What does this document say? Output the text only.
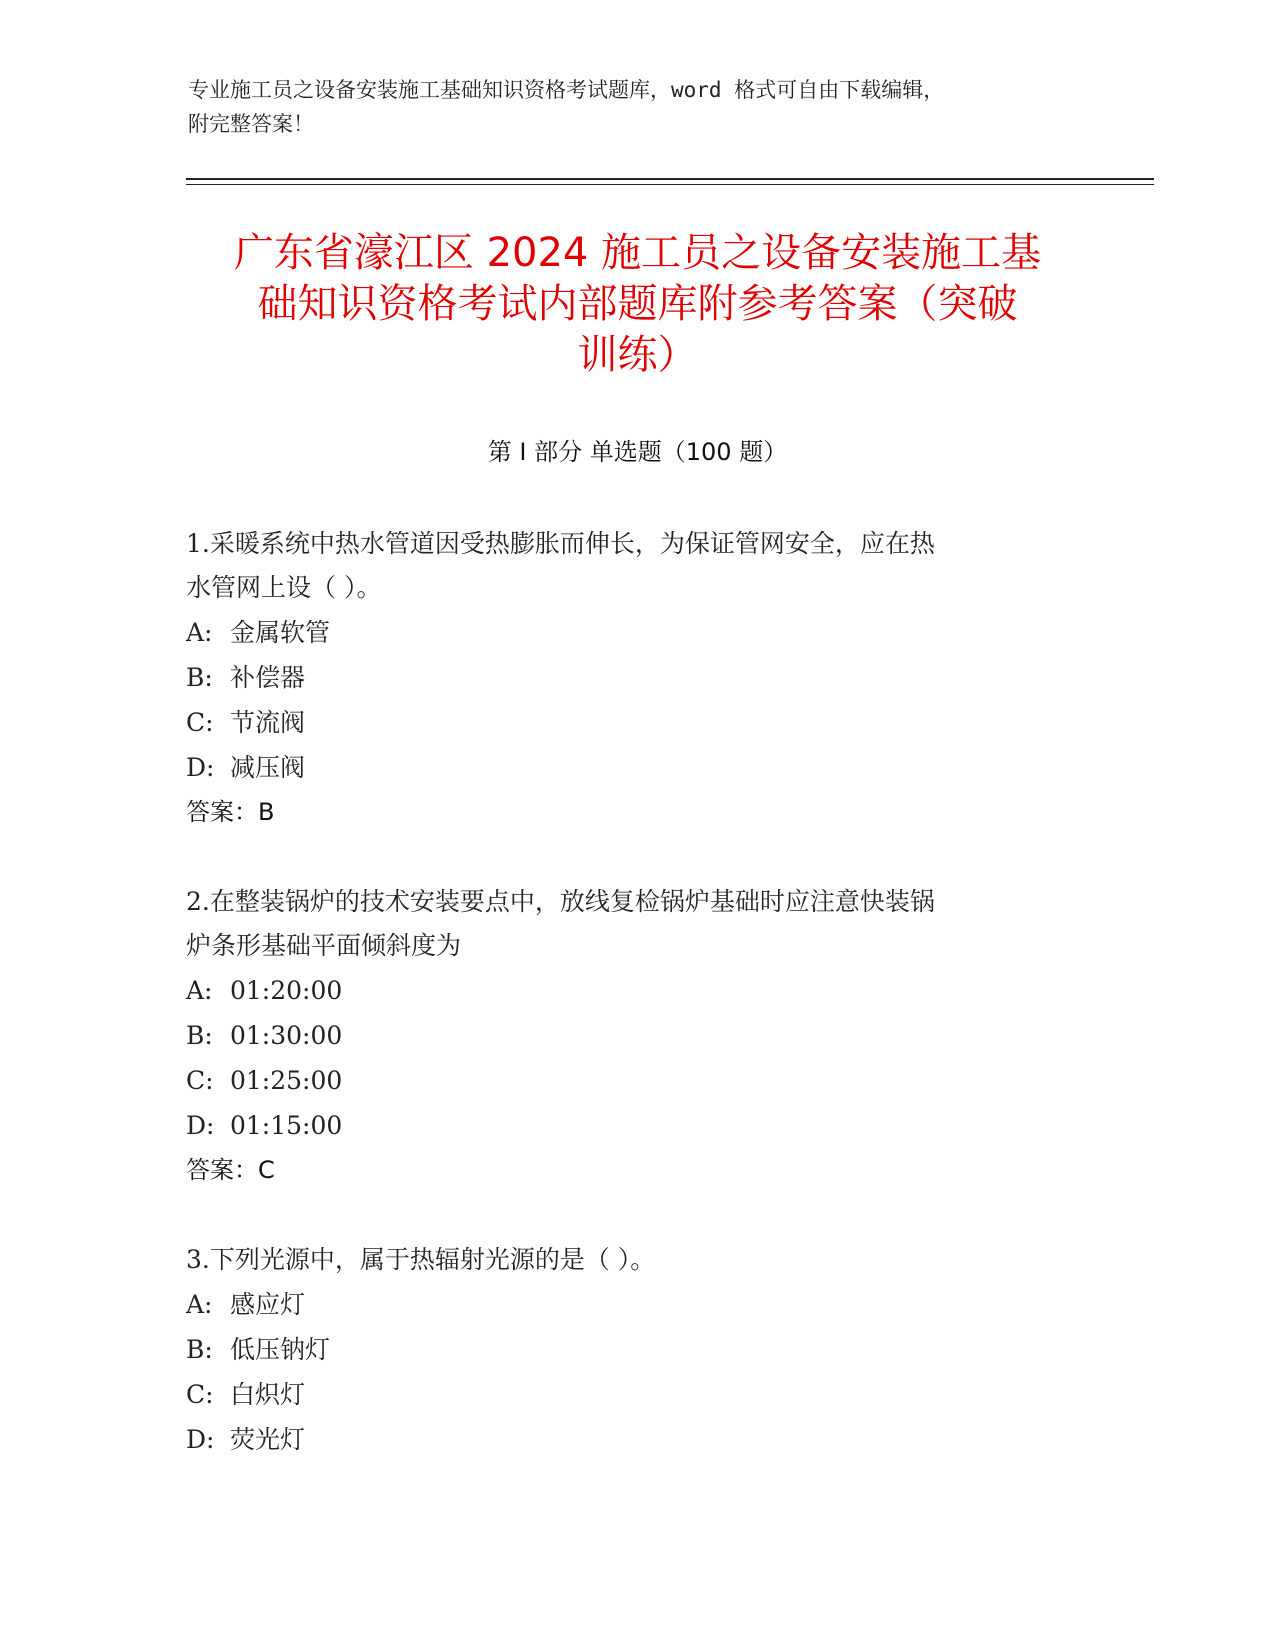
专业施工员之设备安装施工基础知识资格考试题库，word 格式可自由下载编辑，
附完整答案！
广东省濠江区 2024 施工员之设备安装施工基
础知识资格考试内部题库附参考答案（突破
训练）
第 I 部分 单选题（100 题）
1.采暖系统中热水管道因受热膨胀而伸长，为保证管网安全，应在热
水管网上设（ ）。
A: 金属软管
B: 补偿器
C: 节流阀
D: 减压阀
答案：B
2.在整装锅炉的技术安装要点中，放线复检锅炉基础时应注意快装锅
炉条形基础平面倾斜度为
A: 01:20:00
B: 01:30:00
C: 01:25:00
D: 01:15:00
答案：C
3.下列光源中，属于热辐射光源的是（ ）。
A: 感应灯
B: 低压钠灯
C: 白炽灯
D: 荧光灯
